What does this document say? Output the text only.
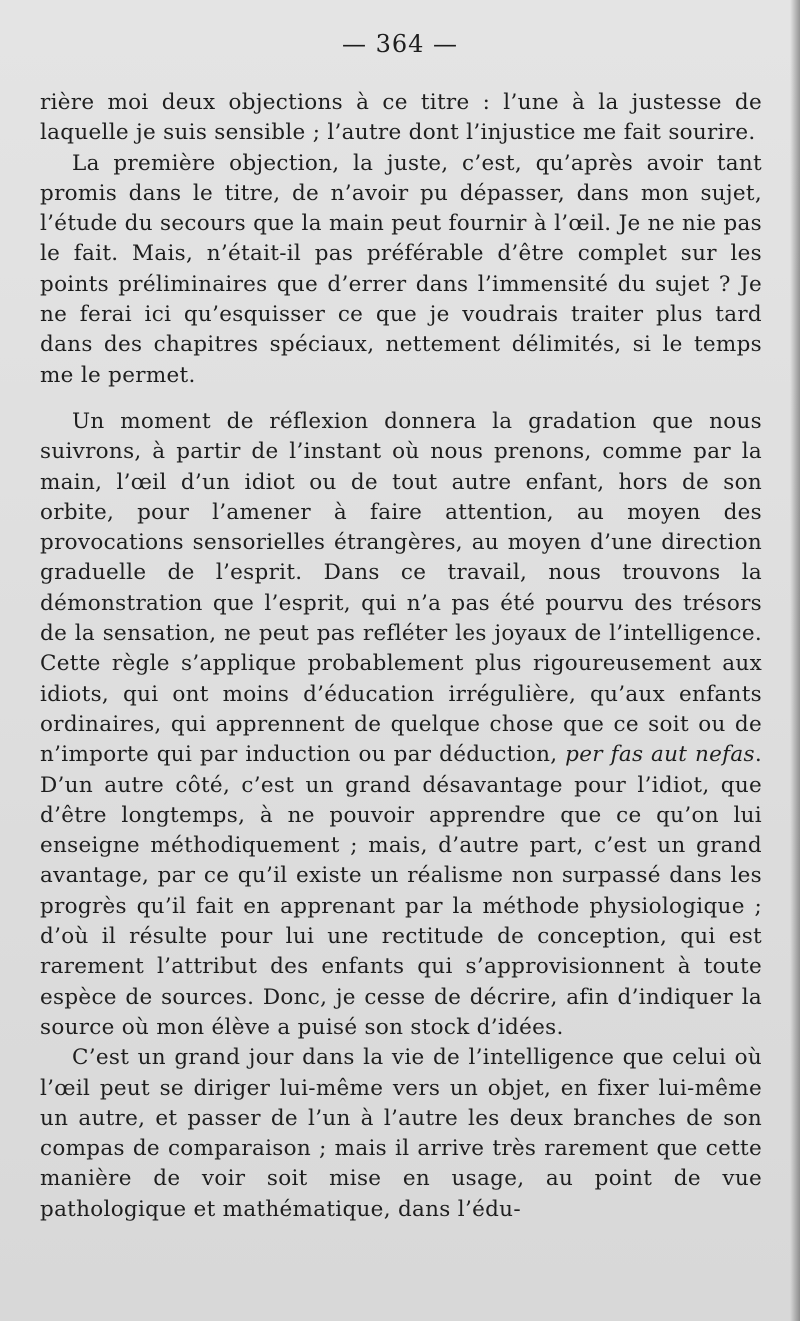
— 364 —

rière moi deux objections à ce titre : l’une à la justesse de laquelle je suis sensible ; l’autre dont l’injustice me fait sourire.

La première objection, la juste, c’est, qu’après avoir tant promis dans le titre, de n’avoir pu dépasser, dans mon sujet, l’étude du secours que la main peut fournir à l’œil. Je ne nie pas le fait. Mais, n’était-il pas préférable d’être complet sur les points préliminaires que d’errer dans l’immensité du sujet ? Je ne ferai ici qu’esquisser ce que je voudrais traiter plus tard dans des chapitres spéciaux, nettement délimités, si le temps me le permet.

Un moment de réflexion donnera la gradation que nous suivrons, à partir de l’instant où nous prenons, comme par la main, l’œil d’un idiot ou de tout autre enfant, hors de son orbite, pour l’amener à faire attention, au moyen des provocations sensorielles étrangères, au moyen d’une direction graduelle de l’esprit. Dans ce travail, nous trouvons la démonstration que l’esprit, qui n’a pas été pourvu des trésors de la sensation, ne peut pas refléter les joyaux de l’intelligence. Cette règle s’applique probablement plus rigoureusement aux idiots, qui ont moins d’éducation irrégulière, qu’aux enfants ordinaires, qui apprennent de quelque chose que ce soit ou de n’importe qui par induction ou par déduction, per fas aut nefas. D’un autre côté, c’est un grand désavantage pour l’idiot, que d’être longtemps, à ne pouvoir apprendre que ce qu’on lui enseigne méthodiquement ; mais, d’autre part, c’est un grand avantage, par ce qu’il existe un réalisme non surpassé dans les progrès qu’il fait en apprenant par la méthode physiologique ; d’où il résulte pour lui une rectitude de conception, qui est rarement l’attribut des enfants qui s’approvisionnent à toute espèce de sources. Donc, je cesse de décrire, afin d’indiquer la source où mon élève a puisé son stock d’idées.

C’est un grand jour dans la vie de l’intelligence que celui où l’œil peut se diriger lui-même vers un objet, en fixer lui-même un autre, et passer de l’un à l’autre les deux branches de son compas de comparaison ; mais il arrive très rarement que cette manière de voir soit mise en usage, au point de vue pathologique et mathématique, dans l’édu-
